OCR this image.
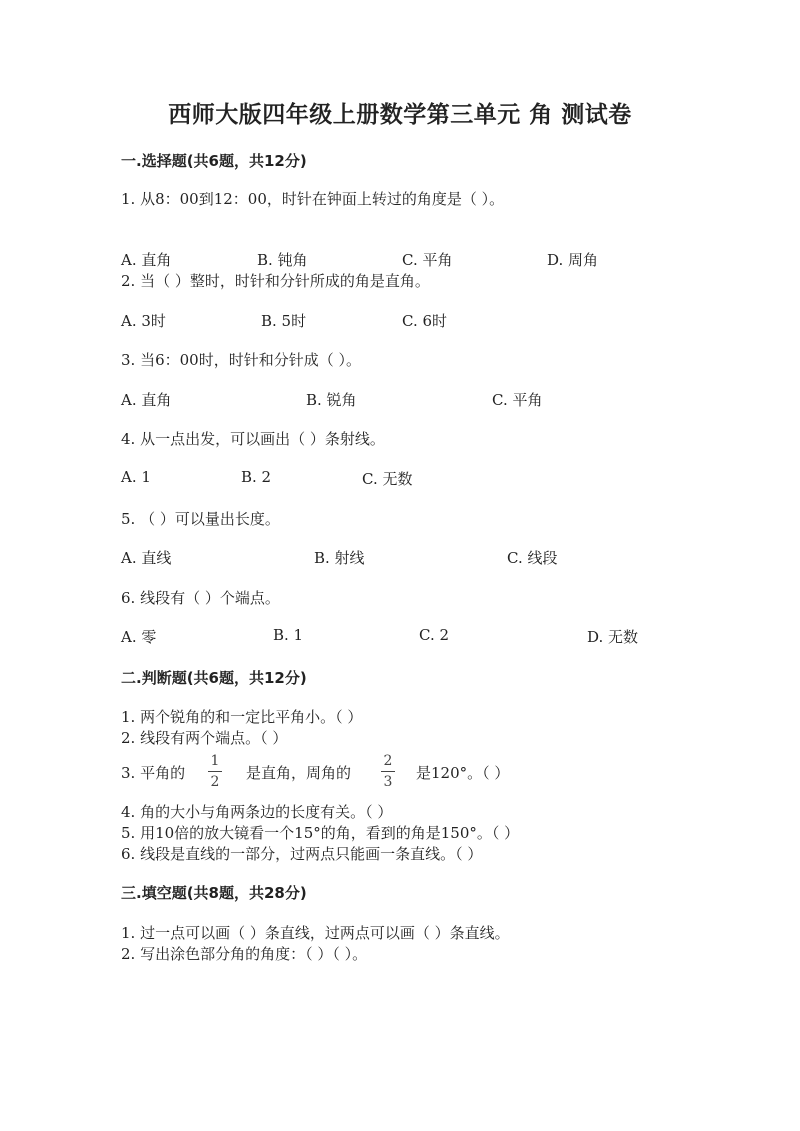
西师大版四年级上册数学第三单元 角 测试卷
一.选择题(共6题，共12分)
1. 从8：00到12：00，时针在钟面上转过的角度是（ ）。
A. 直角	B. 钝角	C. 平角	D. 周角
2. 当（ ）整时，时针和分针所成的角是直角。
A. 3时	B. 5时	C. 6时
3. 当6：00时，时针和分针成（ ）。
A. 直角	B. 锐角	C. 平角
4. 从一点出发，可以画出（ ）条射线。
A. 1	B. 2	C. 无数
5. （ ）可以量出长度。
A. 直线	B. 射线	C. 线段
6. 线段有（ ）个端点。
A. 零	B. 1	C. 2	D. 无数
二.判断题(共6题，共12分)
1. 两个锐角的和一定比平角小。（ ）
2. 线段有两个端点。（ ）
3. 平角的
1
2	是直角，周角的
2
3	是120°。（ ）
4. 角的大小与角两条边的长度有关。（ ）
5. 用10倍的放大镜看一个15°的角，看到的角是150°。（ ）
6. 线段是直线的一部分，过两点只能画一条直线。（ ）
三.填空题(共8题，共28分)
1. 过一点可以画（ ）条直线，过两点可以画（ ）条直线。
2. 写出涂色部分角的角度：（ ）（ ）。
